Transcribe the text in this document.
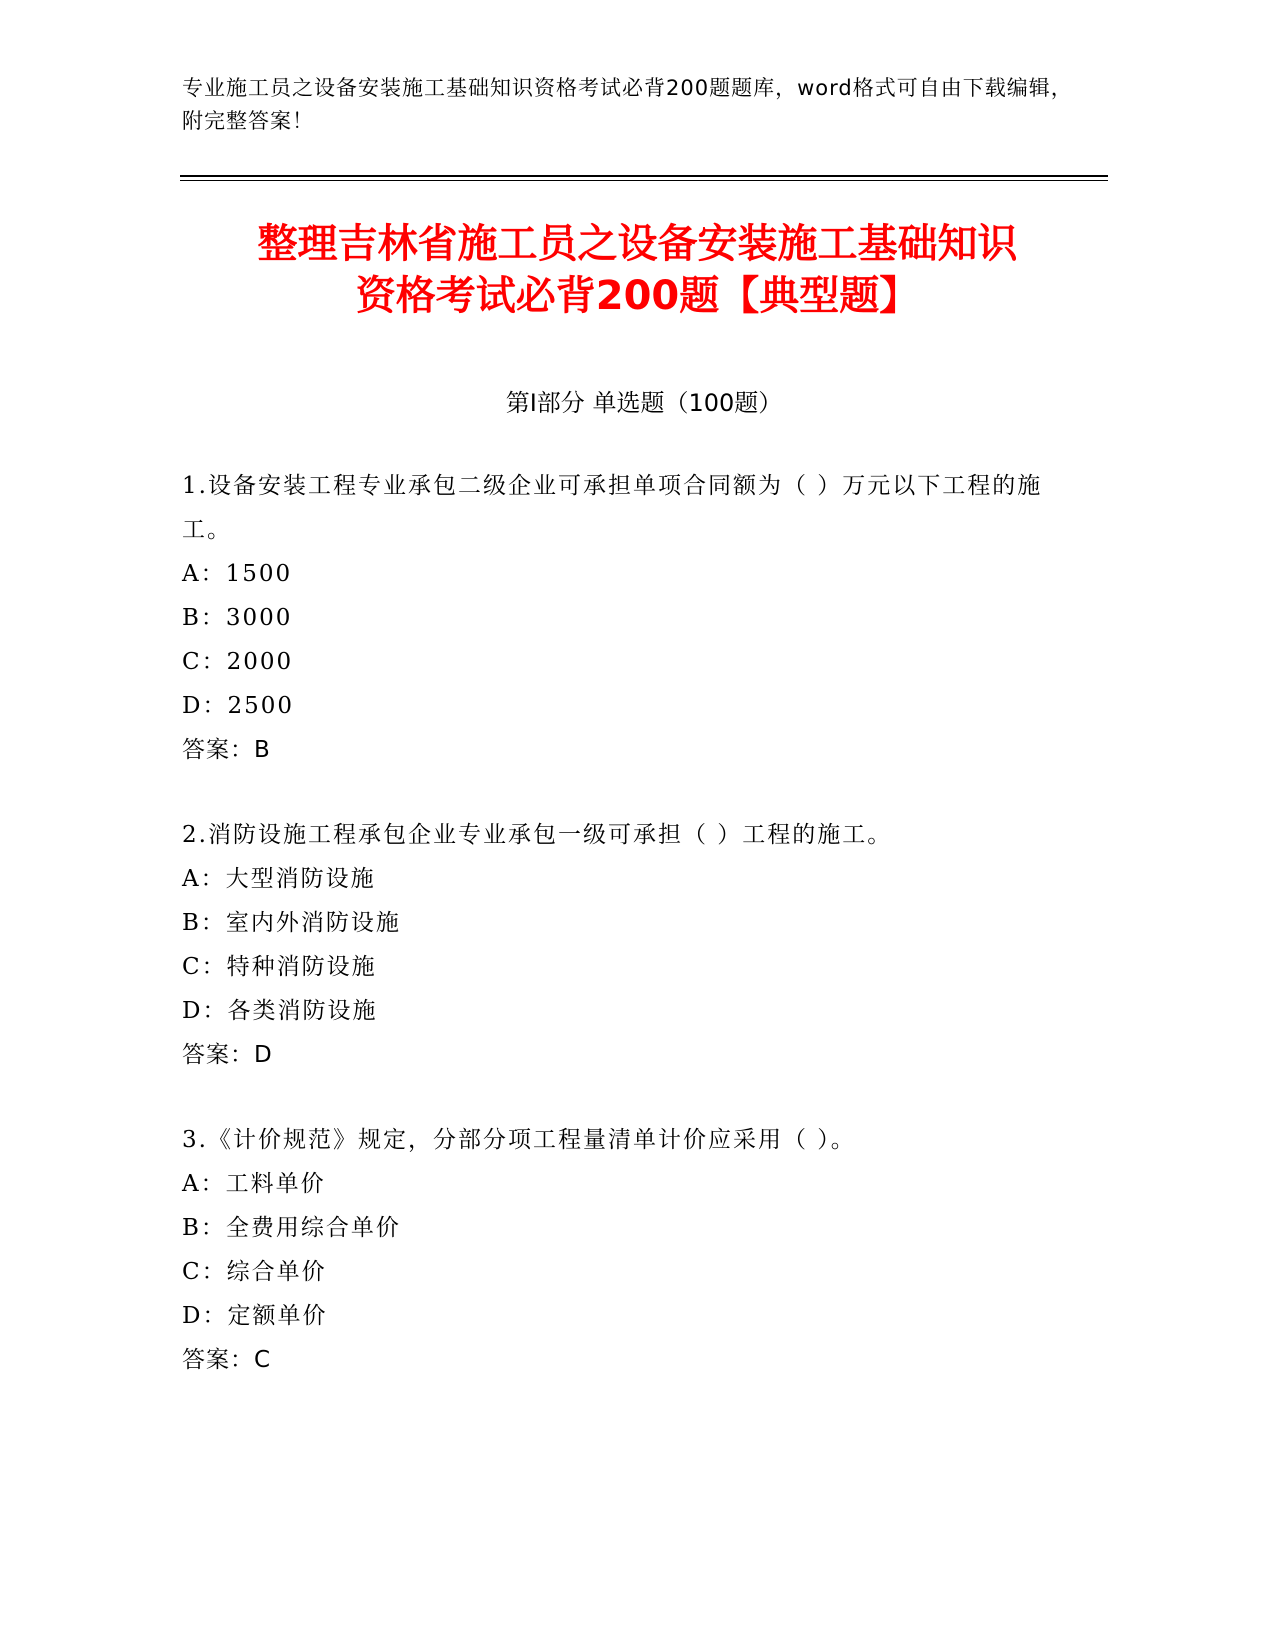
专业施工员之设备安装施工基础知识资格考试必背200题题库，word格式可自由下载编辑，附完整答案！
整理吉林省施工员之设备安装施工基础知识
资格考试必背200题【典型题】
第Ⅰ部分 单选题（100题）
1.设备安装工程专业承包二级企业可承担单项合同额为（ ）万元以下工程的施工。
A：1500
B：3000
C：2000
D：2500
答案：B
2.消防设施工程承包企业专业承包一级可承担（ ）工程的施工。
A：大型消防设施
B：室内外消防设施
C：特种消防设施
D：各类消防设施
答案：D
3.《计价规范》规定，分部分项工程量清单计价应采用（ ）。
A：工料单价
B：全费用综合单价
C：综合单价
D：定额单价
答案：C
